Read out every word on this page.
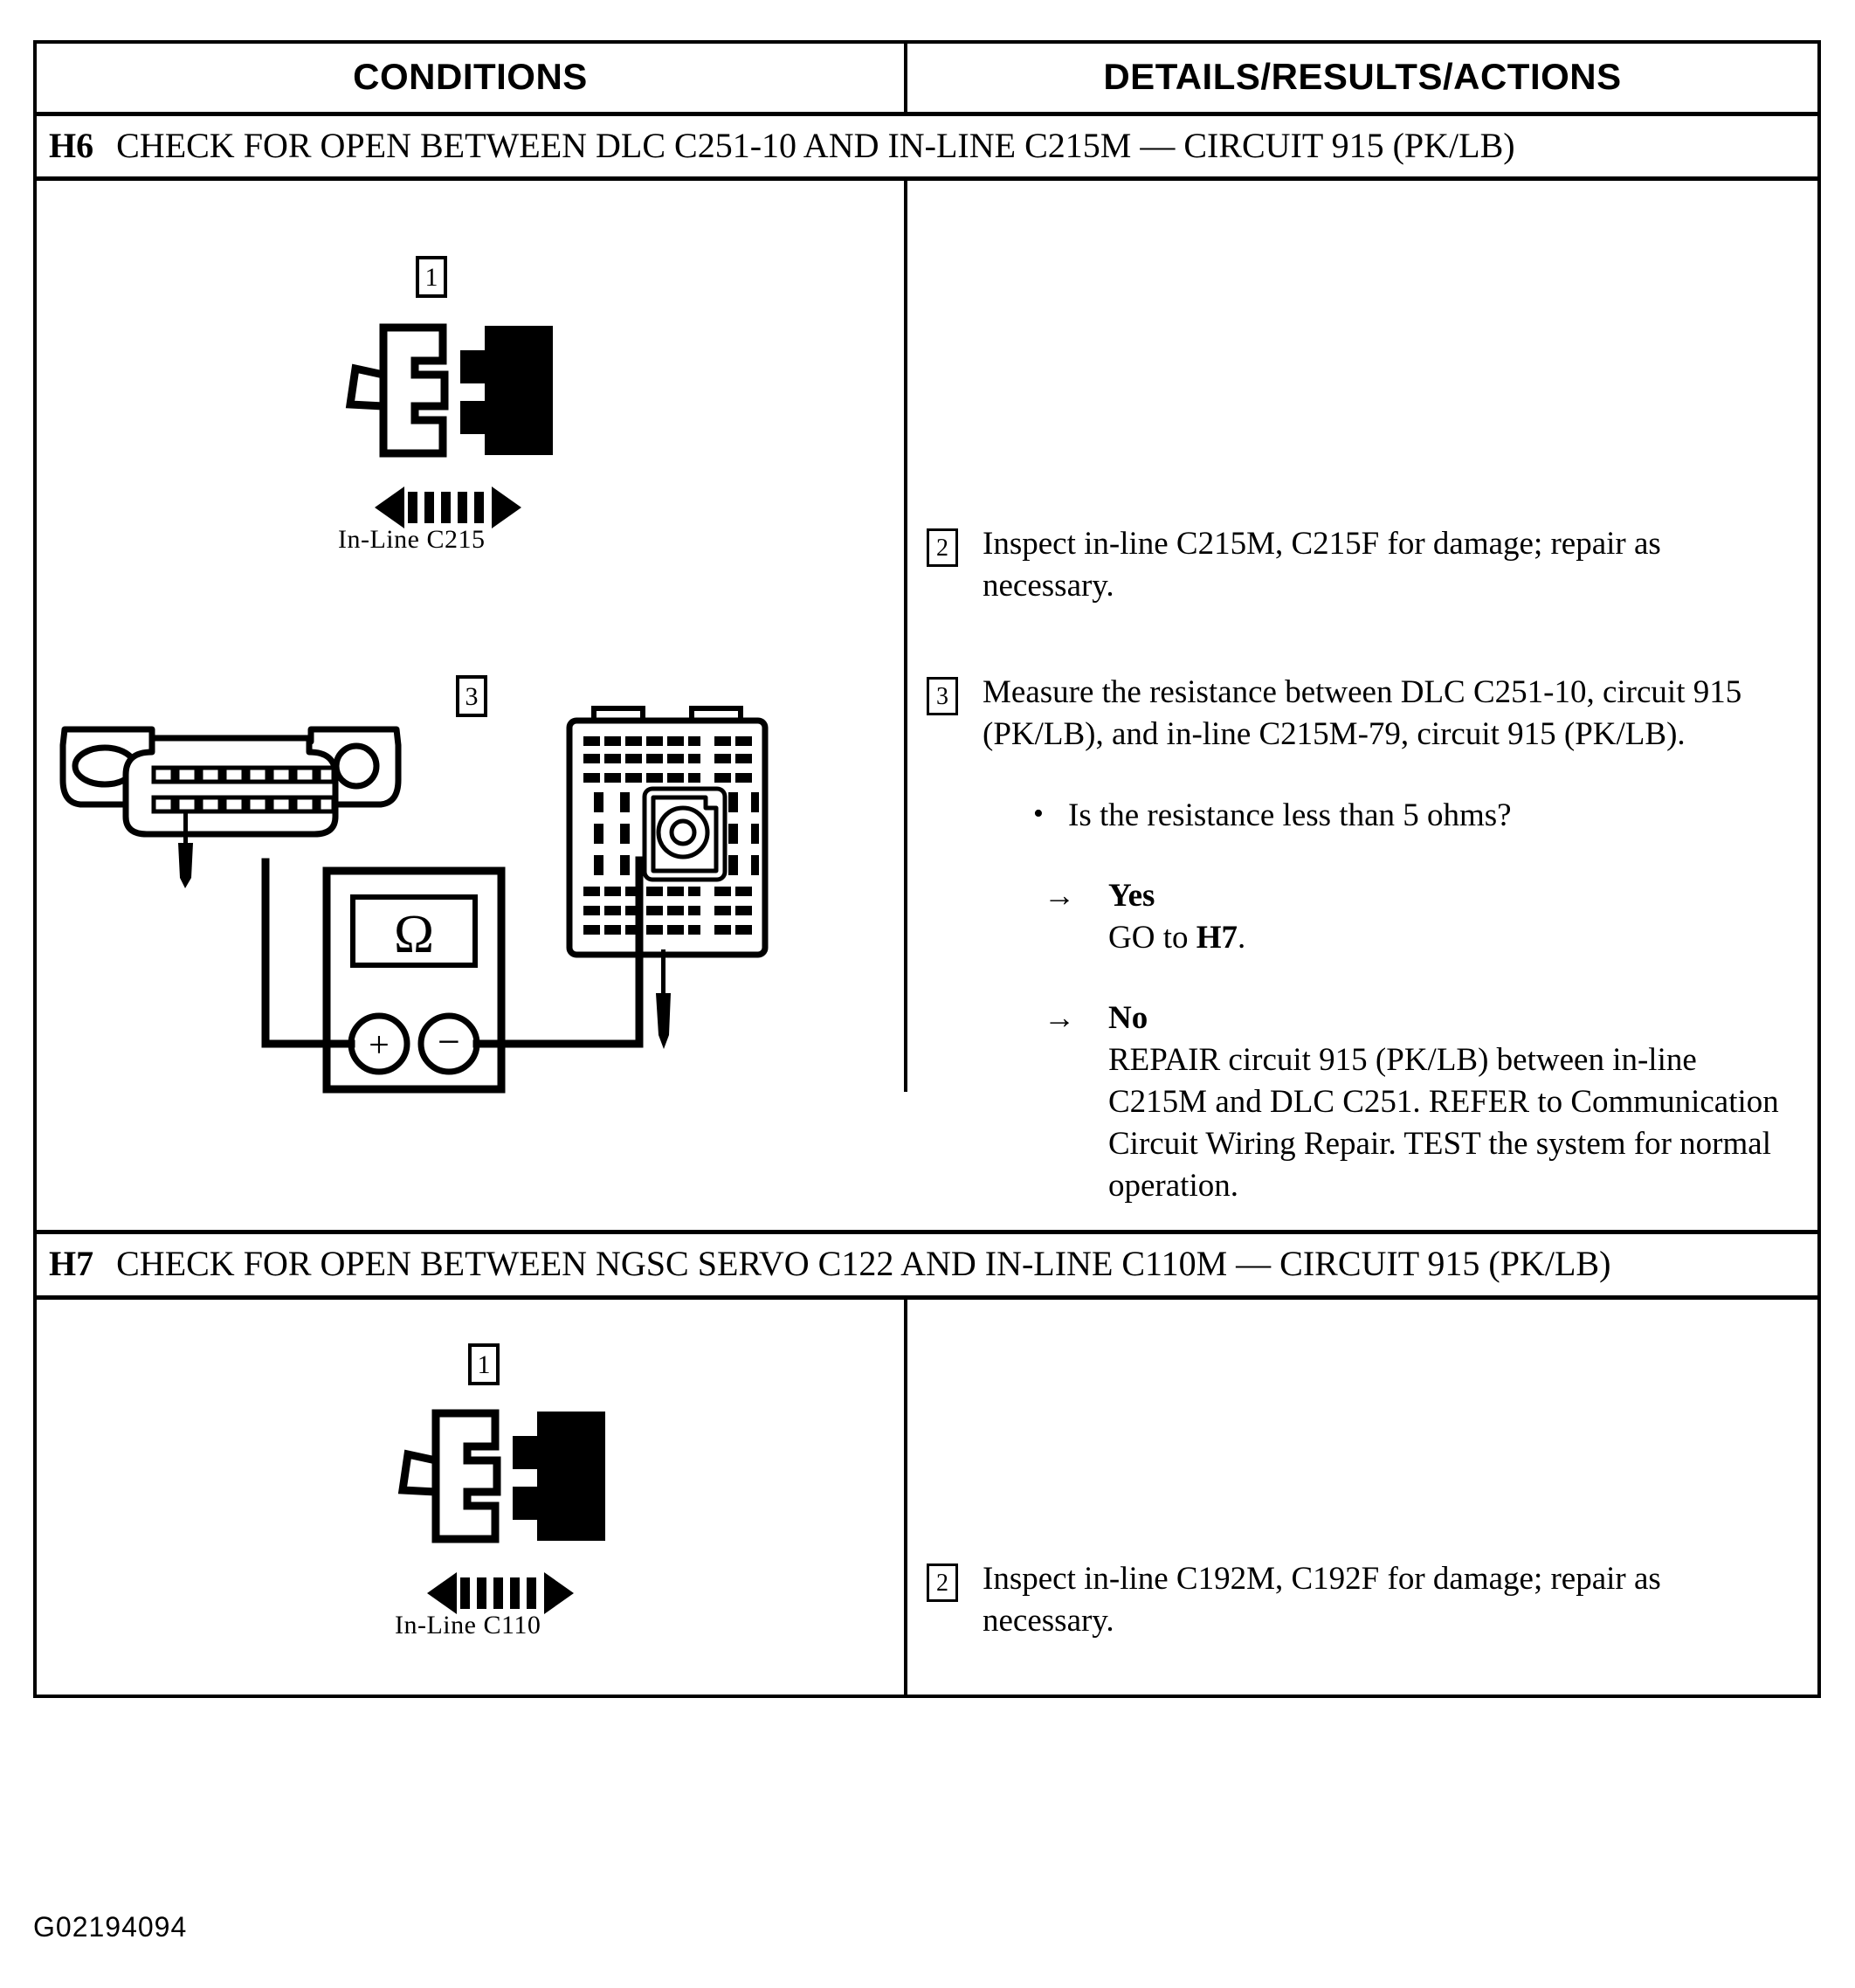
CONDITIONS	DETAILS/RESULTS/ACTIONS
H6 CHECK FOR OPEN BETWEEN DLC C251-10 AND IN-LINE C215M — CIRCUIT 915 (PK/LB)
1
In-Line C215
3
Ω
+ −
2 Inspect in-line C215M, C215F for damage; repair as necessary.

3 Measure the resistance between DLC C251-10, circuit 915 (PK/LB), and in-line C215M-79, circuit 915 (PK/LB).

• Is the resistance less than 5 ohms?
→	Yes
GO to H7.
→	No
REPAIR circuit 915 (PK/LB) between in-line C215M and DLC C251. REFER to Communication Circuit Wiring Repair. TEST the system for normal operation.
H7 CHECK FOR OPEN BETWEEN NGSC SERVO C122 AND IN-LINE C110M — CIRCUIT 915 (PK/LB)
1
In-Line C110
2 Inspect in-line C192M, C192F for damage; repair as necessary.

G02194094
